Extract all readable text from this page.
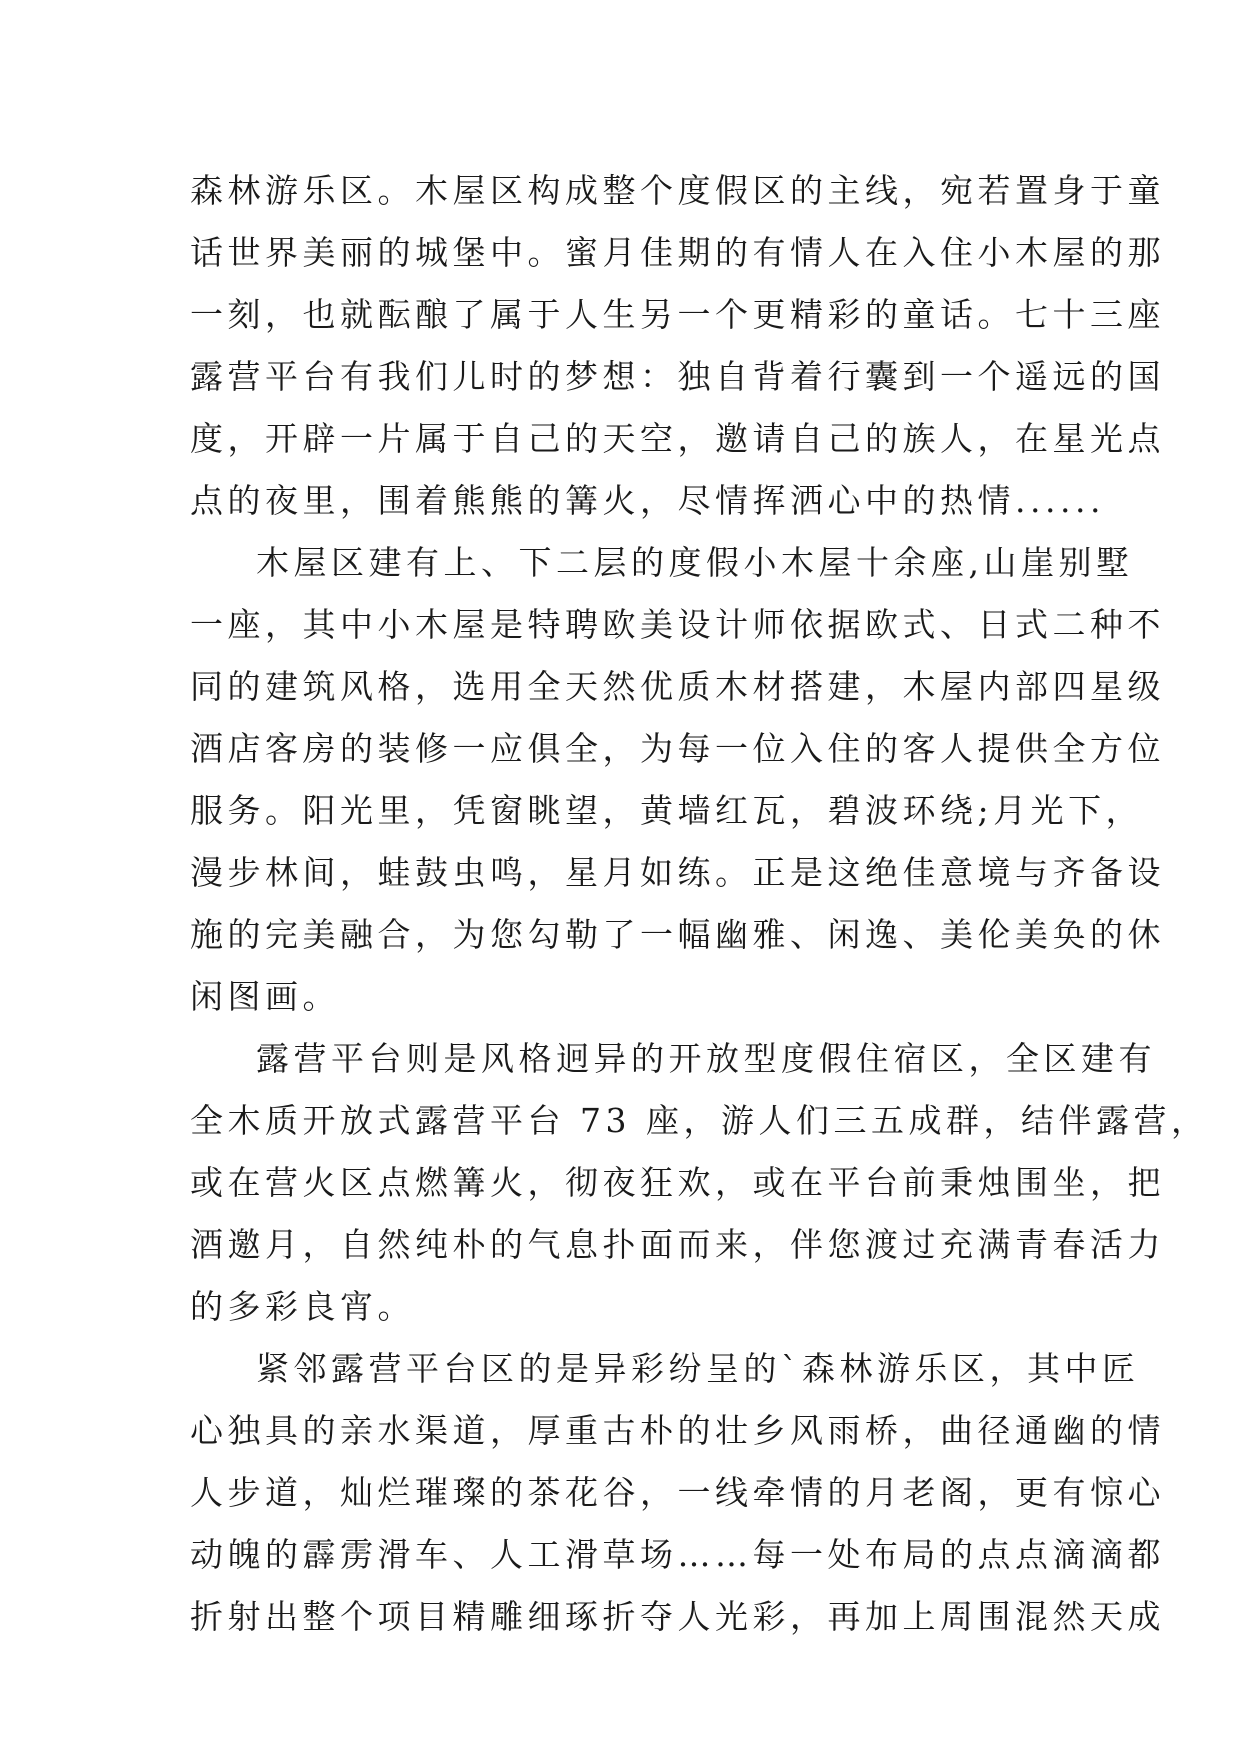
森林游乐区。木屋区构成整个度假区的主线，宛若置身于童
话世界美丽的城堡中。蜜月佳期的有情人在入住小木屋的那
一刻，也就酝酿了属于人生另一个更精彩的童话。七十三座
露营平台有我们儿时的梦想：独自背着行囊到一个遥远的国
度，开辟一片属于自己的天空，邀请自己的族人，在星光点
点的夜里，围着熊熊的篝火，尽情挥洒心中的热情......
木屋区建有上、下二层的度假小木屋十余座,山崖别墅
一座，其中小木屋是特聘欧美设计师依据欧式、日式二种不
同的建筑风格，选用全天然优质木材搭建，木屋内部四星级
酒店客房的装修一应俱全，为每一位入住的客人提供全方位
服务。阳光里，凭窗眺望，黄墙红瓦，碧波环绕;月光下，
漫步林间，蛙鼓虫鸣，星月如练。正是这绝佳意境与齐备设
施的完美融合，为您勾勒了一幅幽雅、闲逸、美伦美奂的休
闲图画。
露营平台则是风格迥异的开放型度假住宿区，全区建有
全木质开放式露营平台 73 座，游人们三五成群，结伴露营，
或在营火区点燃篝火，彻夜狂欢，或在平台前秉烛围坐，把
酒邀月，自然纯朴的气息扑面而来，伴您渡过充满青春活力
的多彩良宵。
紧邻露营平台区的是异彩纷呈的`森林游乐区，其中匠
心独具的亲水渠道，厚重古朴的壮乡风雨桥，曲径通幽的情
人步道，灿烂璀璨的茶花谷，一线牵情的月老阁，更有惊心
动魄的霹雳滑车、人工滑草场……每一处布局的点点滴滴都
折射出整个项目精雕细琢折夺人光彩，再加上周围混然天成
